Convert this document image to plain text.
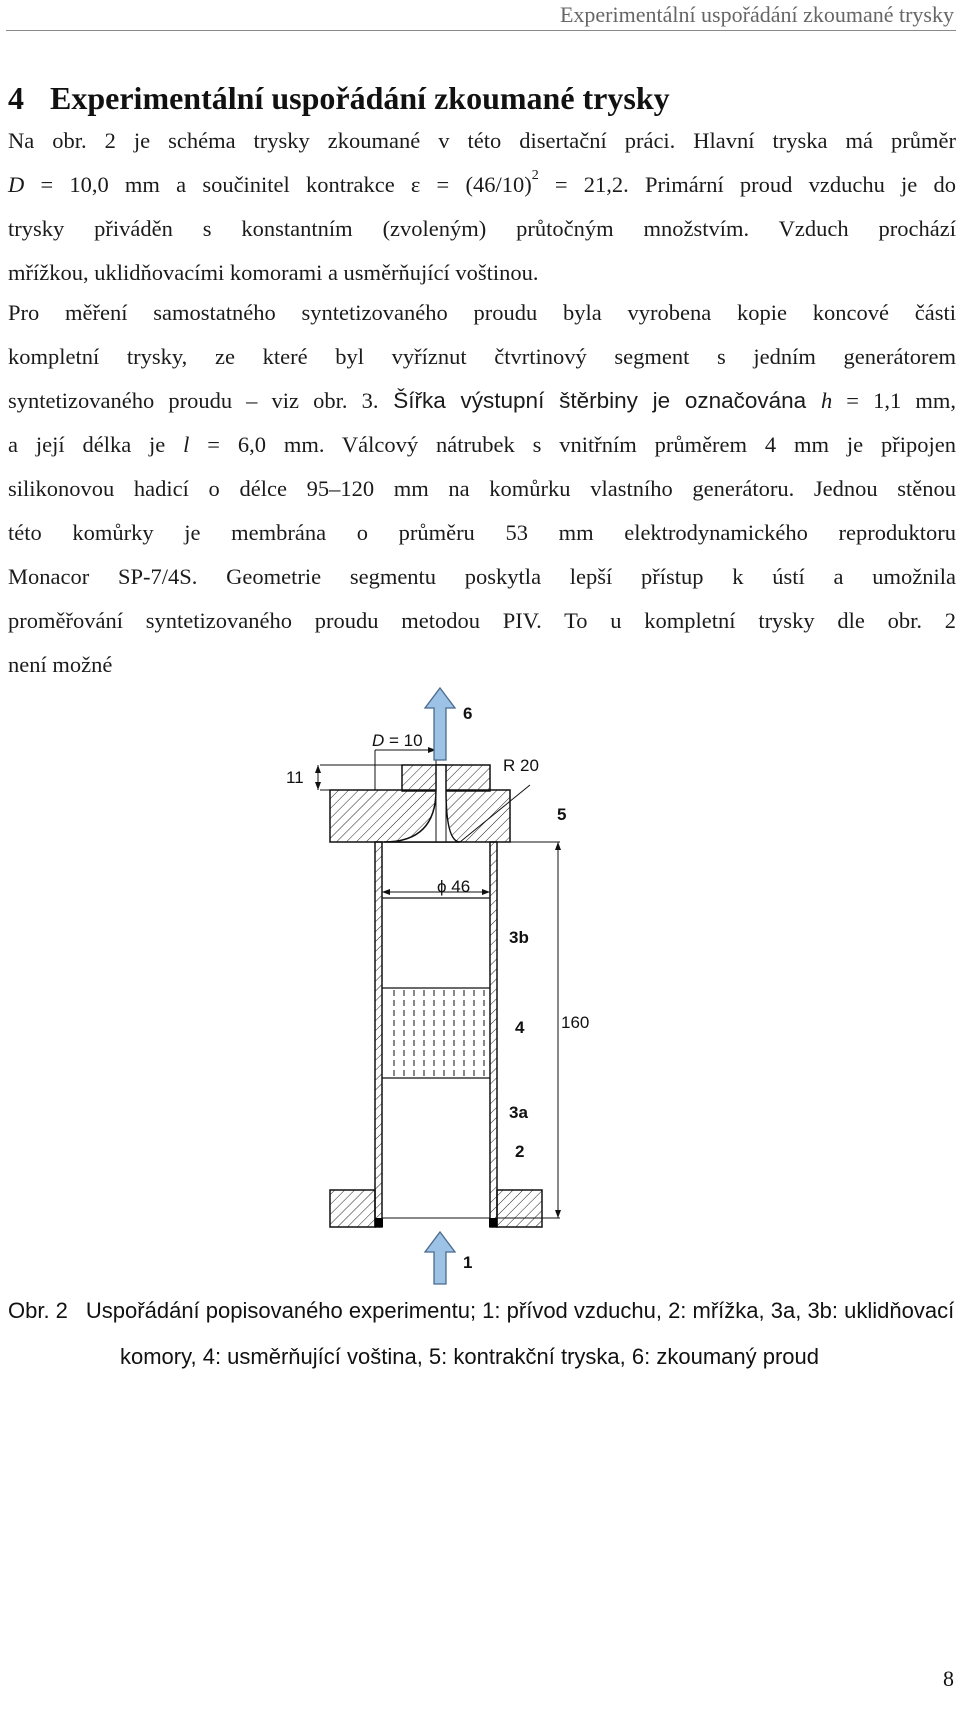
Experimentální uspořádání zkoumané trysky
4 Experimentální uspořádání zkoumané trysky
Na obr. 2 je schéma trysky zkoumané v této disertační práci. Hlavní tryska má průměr
D = 10,0 mm a součinitel kontrakce $\varepsilon = (46/10)^2 = 21,2$. Primární proud vzduchu je do
trysky přiváděn s konstantním (zvoleným) průtočným množstvím. Vzduch prochází
mřížkou, uklidňovacími komorami a usměrňující voštinou.
Pro měření samostatného syntetizovaného proudu byla vyrobena kopie koncové části
kompletní trysky, ze které byl vyříznut čtvrtinový segment s jedním generátorem
syntetizovaného proudu – viz obr. 3. Šířka výstupní štěrbiny je označována h = 1,1 mm,
a její délka je l = 6,0 mm. Válcový nátrubek s vnitřním průměrem 4 mm je připojen
silikonovou hadicí o délce 95–120 mm na komůrku vlastního generátoru. Jednou stěnou
této komůrky je membrána o průměru 53 mm elektrodynamického reproduktoru
Monacor SP-7/4S. Geometrie segmentu poskytla lepší přístup k ústí a umožnila
proměřování syntetizovaného proudu metodou PIV. To u kompletní trysky dle obr. 2
není možné
D = 10
6
R 20
11
5
ϕ 46
3b
4 160
3a
2
1
Obr. 2 Uspořádání popisovaného experimentu; 1: přívod vzduchu, 2: mřížka, 3a, 3b: uklidňovací
komory, 4: usměrňující voština, 5: kontrakční tryska, 6: zkoumaný proud
8
